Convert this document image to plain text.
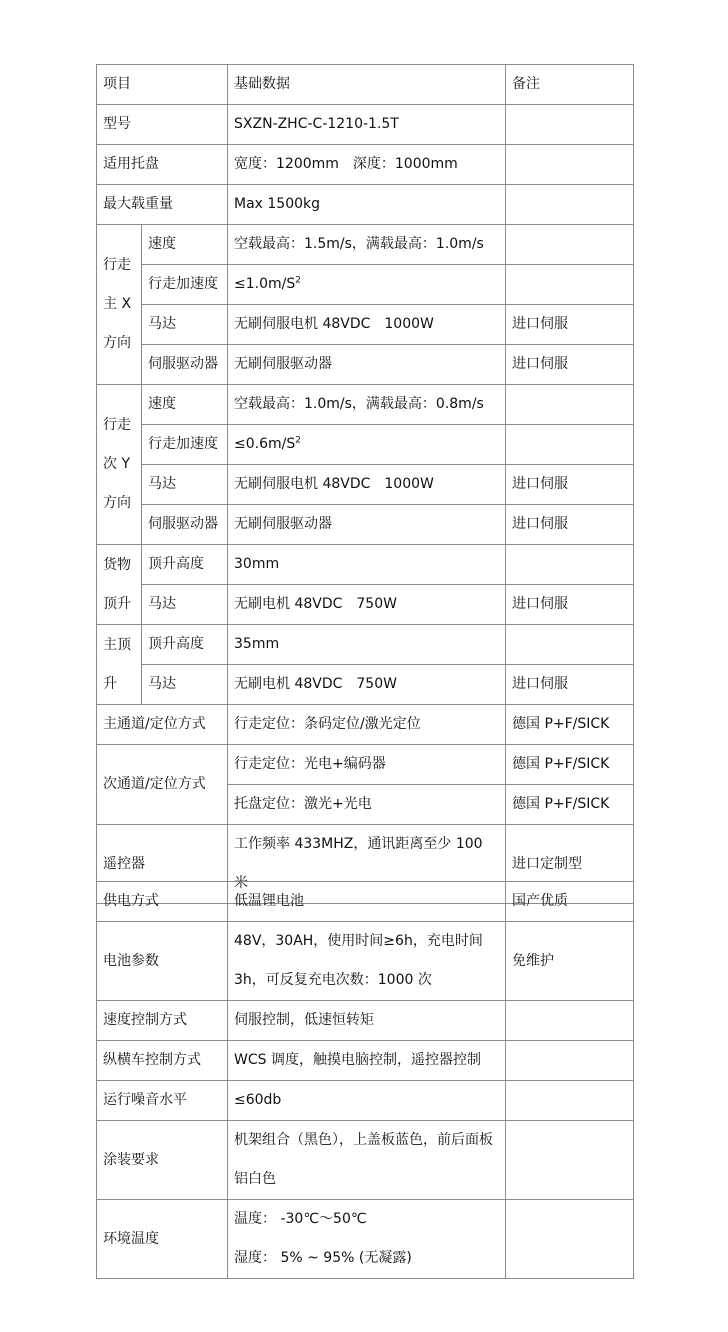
项目		基础数据	备注
型号		SXZN-ZHC-C-1210-1.5T	
适用托盘		宽度：1200mm　深度：1000mm	
最大载重量		Max 1500kg	
行走主 X 方向	速度	空载最高：1.5m/s，满载最高：1.0m/s	
	行走加速度	$\le 1.0m/S^2$	
	马达	无刷伺服电机 48VDC　1000W	进口伺服
	伺服驱动器	无刷伺服驱动器	进口伺服
行走次 Y 方向	速度	空载最高：1.0m/s，满载最高：0.8m/s	
	行走加速度	$\le 0.6m/S^2$	
	马达	无刷伺服电机 48VDC　1000W	进口伺服
	伺服驱动器	无刷伺服驱动器	进口伺服
货物顶升	顶升高度	30mm	
	马达	无刷电机 48VDC　750W	进口伺服
主顶升	顶升高度	35mm	
	马达	无刷电机 48VDC　750W	进口伺服
主通道/定位方式		行走定位：条码定位/激光定位	德国 P+F/SICK
次通道/定位方式		行走定位：光电+编码器	德国 P+F/SICK
		托盘定位：激光+光电	德国 P+F/SICK
遥控器		工作频率 433MHZ，通讯距离至少 100 米	进口定制型
供电方式	低温锂电池	国产优质
电池参数	48V，30AH，使用时间≥6h，充电时间 3h，可反复充电次数：1000 次	免维护
速度控制方式	伺服控制，低速恒转矩	
纵横车控制方式	WCS 调度，触摸电脑控制，遥控器控制	
运行噪音水平	≤60db	
涂装要求	机架组合（黑色），上盖板蓝色，前后面板铝白色	
环境温度	温度： -30℃～50℃
湿度： 5% ~ 95% (无凝露)	
